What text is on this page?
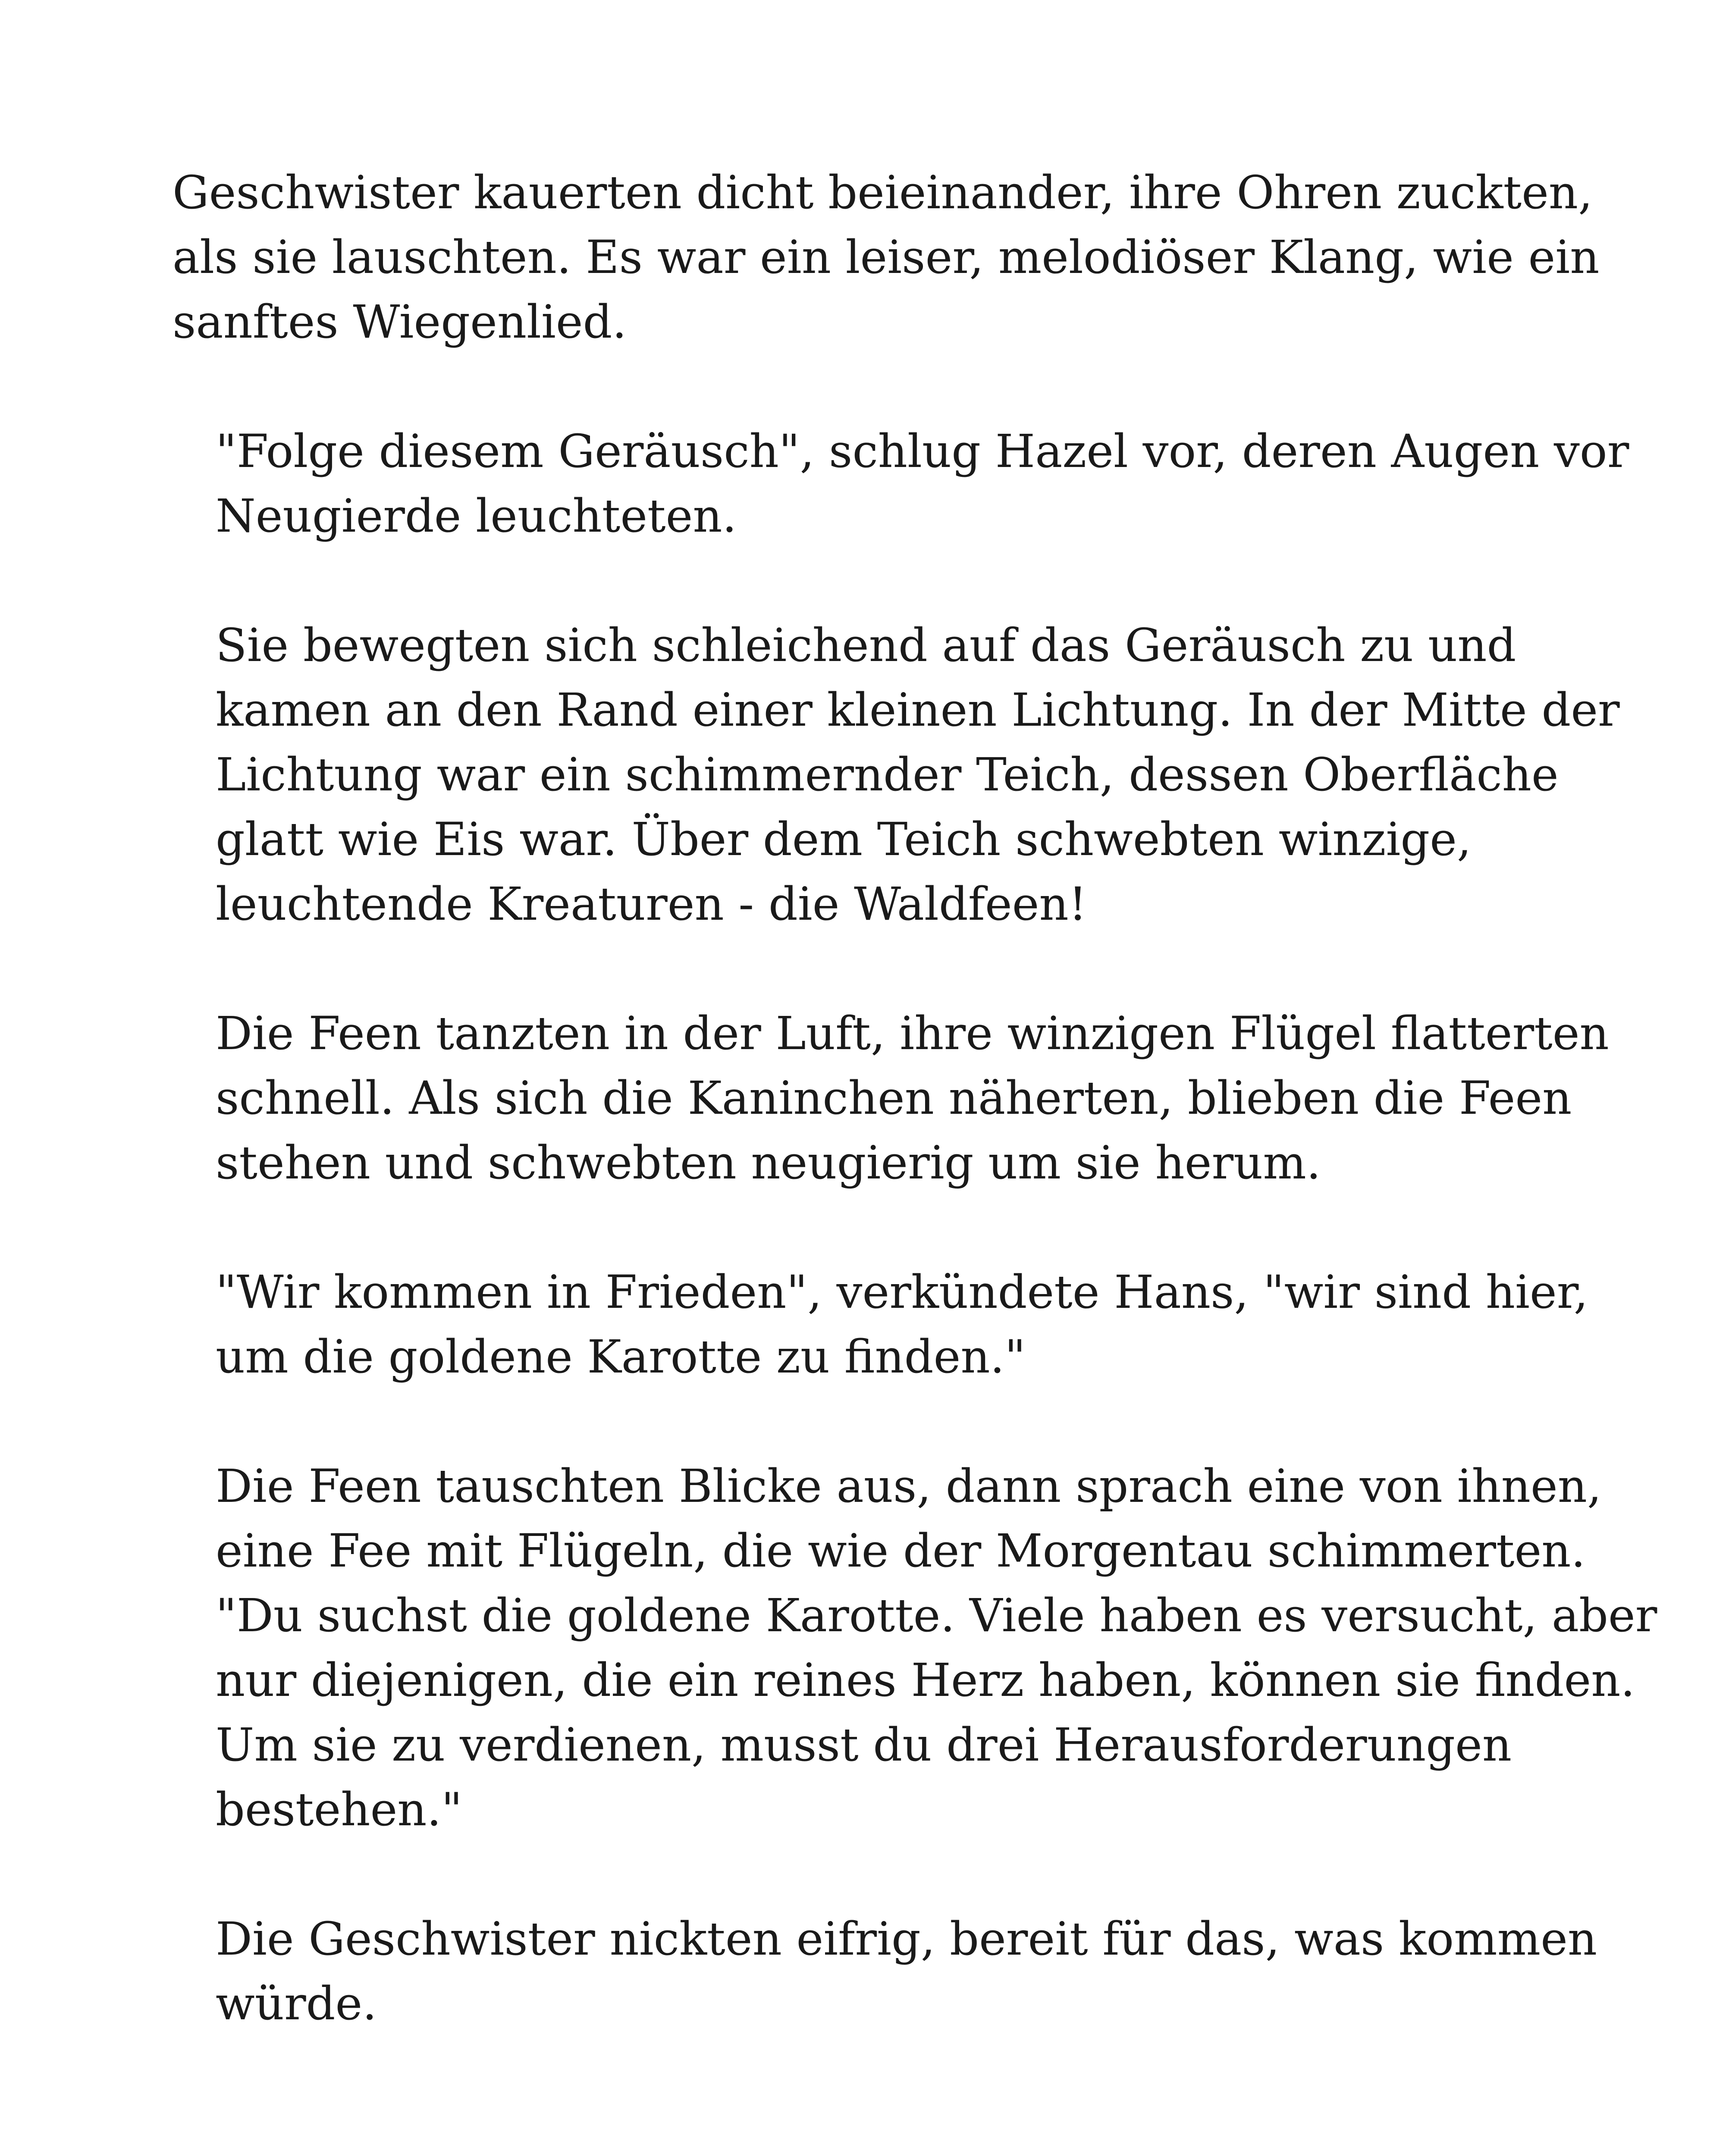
Geschwister kauerten dicht beieinander, ihre Ohren zuckten,
als sie lauschten. Es war ein leiser, melodiöser Klang, wie ein
sanftes Wiegenlied.

"Folge diesem Geräusch", schlug Hazel vor, deren Augen vor
Neugierde leuchteten.

Sie bewegten sich schleichend auf das Geräusch zu und
kamen an den Rand einer kleinen Lichtung. In der Mitte der
Lichtung war ein schimmernder Teich, dessen Oberfläche
glatt wie Eis war. Über dem Teich schwebten winzige,
leuchtende Kreaturen - die Waldfeen!

Die Feen tanzten in der Luft, ihre winzigen Flügel flatterten
schnell. Als sich die Kaninchen näherten, blieben die Feen
stehen und schwebten neugierig um sie herum.

"Wir kommen in Frieden", verkündete Hans, "wir sind hier,
um die goldene Karotte zu finden."

Die Feen tauschten Blicke aus, dann sprach eine von ihnen,
eine Fee mit Flügeln, die wie der Morgentau schimmerten.
"Du suchst die goldene Karotte. Viele haben es versucht, aber
nur diejenigen, die ein reines Herz haben, können sie finden.
Um sie zu verdienen, musst du drei Herausforderungen
bestehen."

Die Geschwister nickten eifrig, bereit für das, was kommen
würde.
